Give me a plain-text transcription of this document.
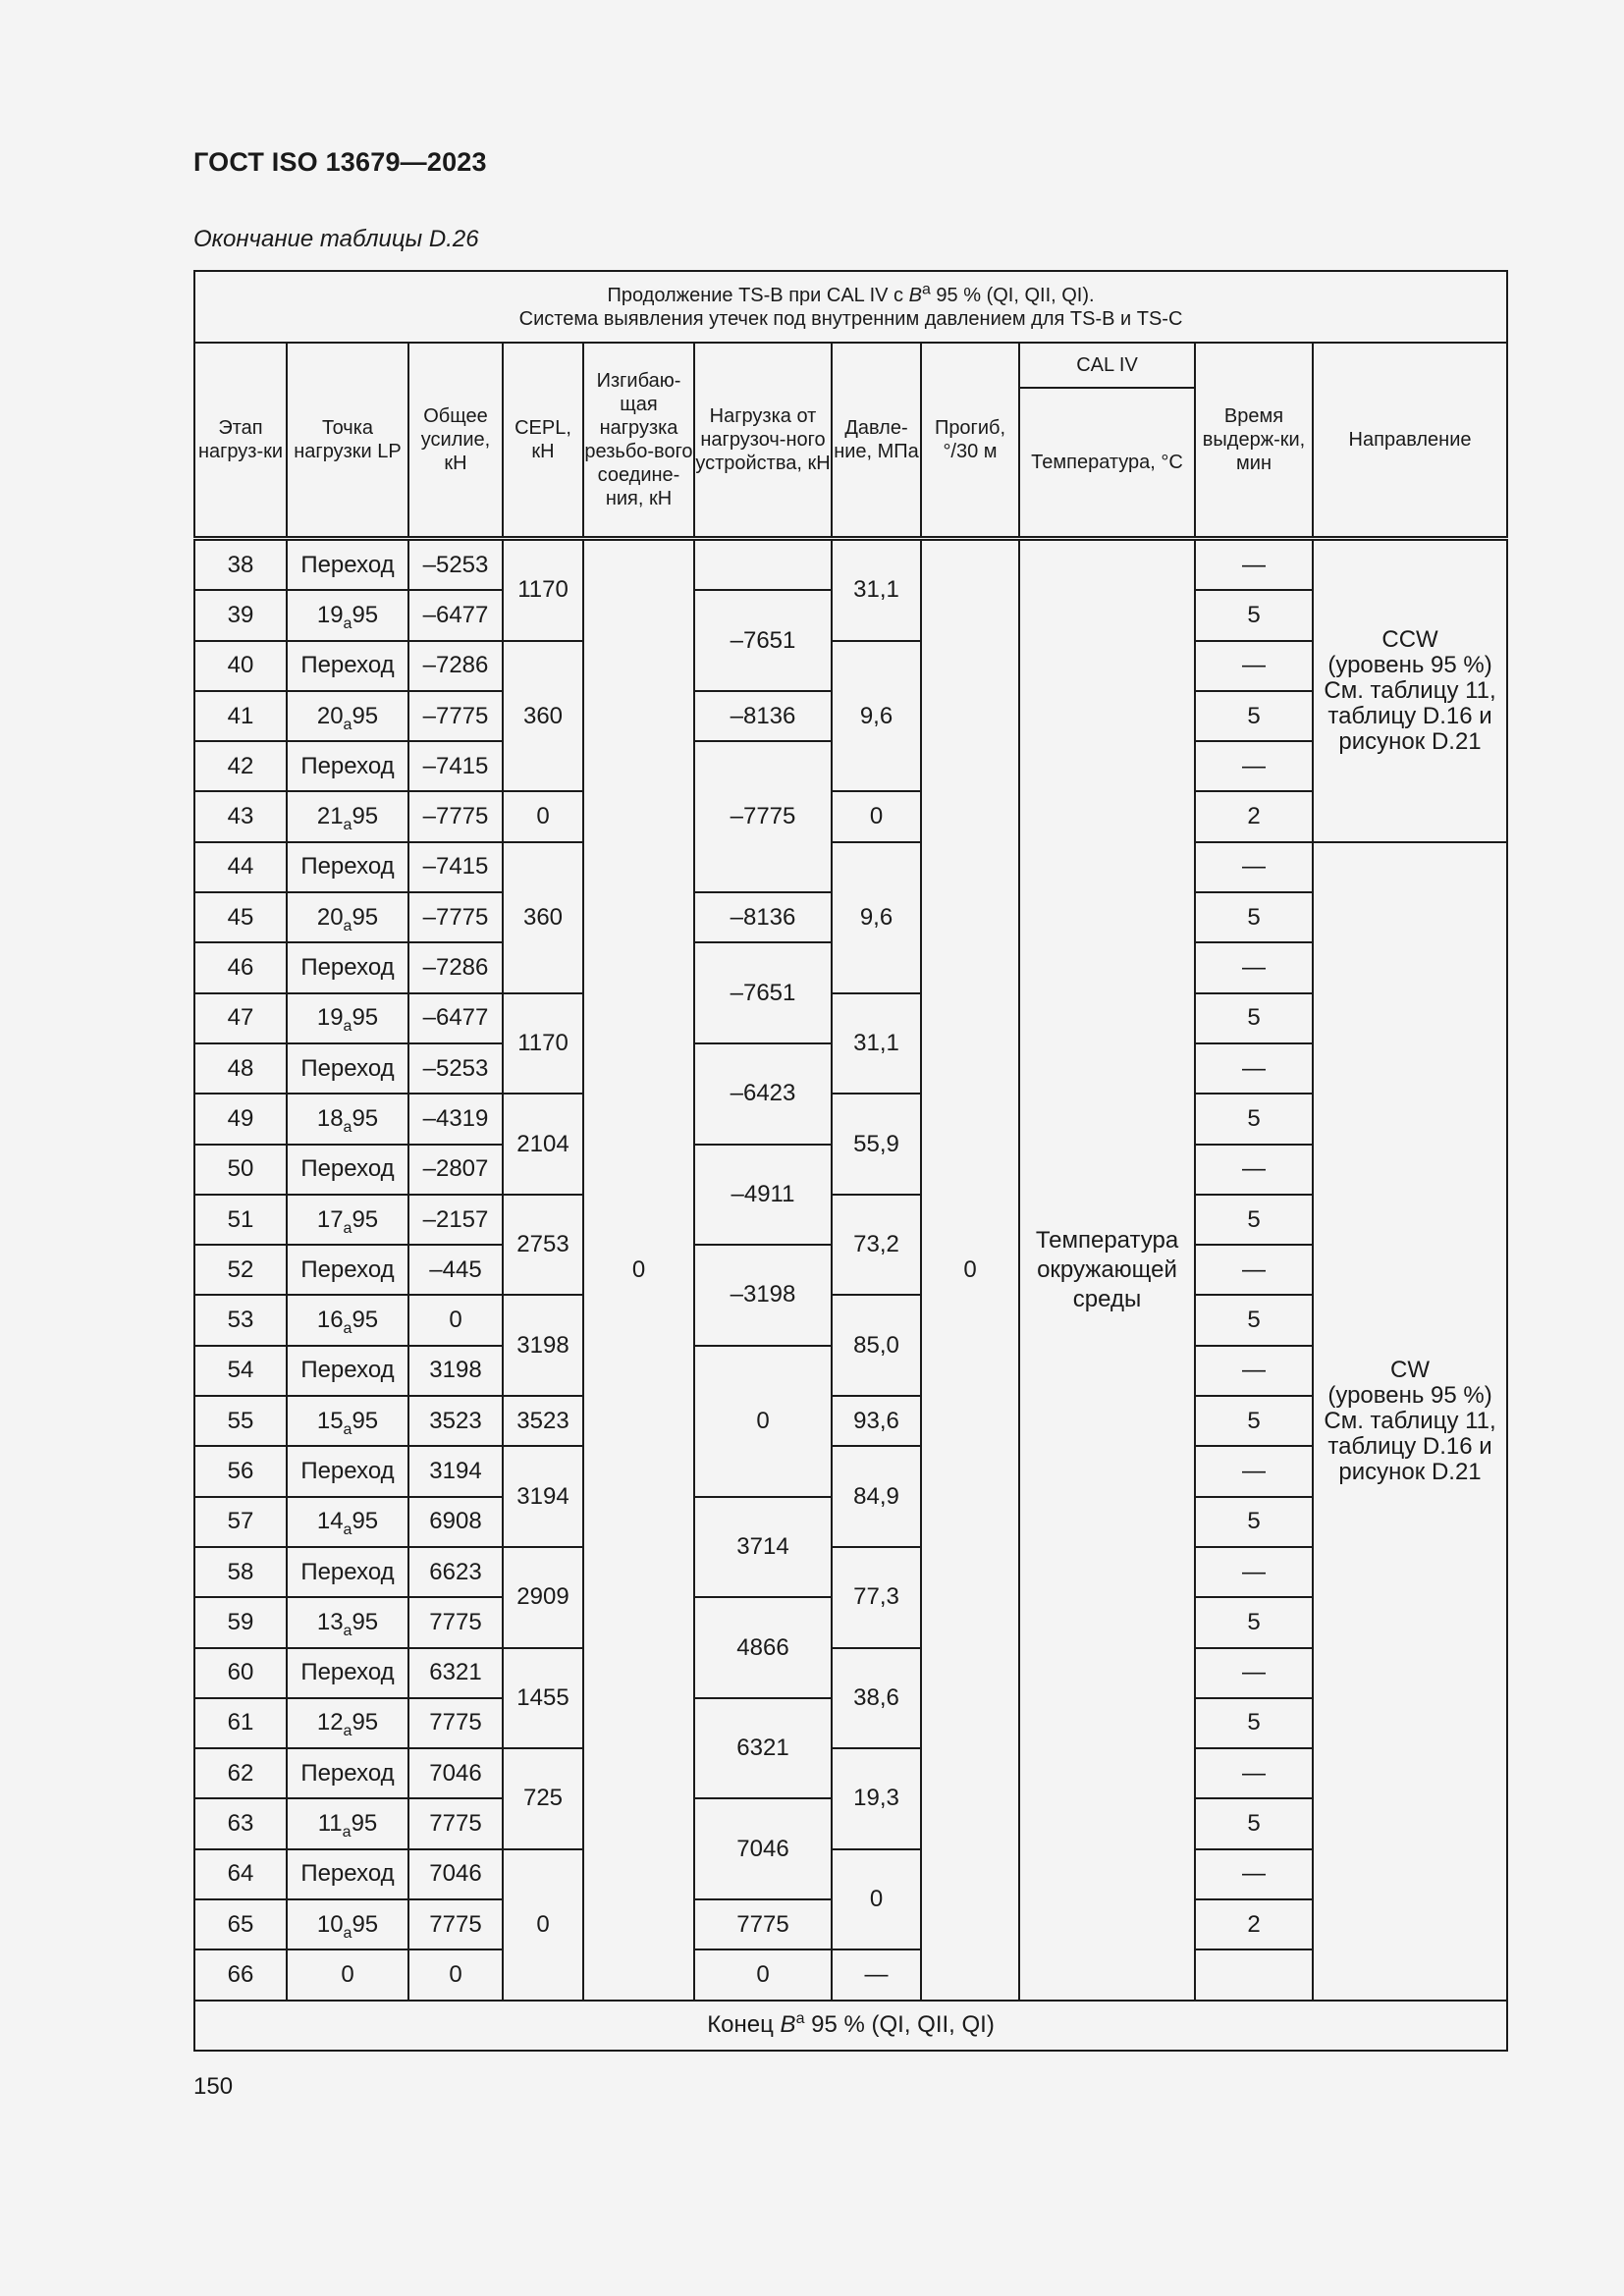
ГОСТ ISO 13679—2023
Окончание таблицы D.26
Продолжение TS-B при CAL IV с $B^a$ 95 % (QI, QII, QI).
Система выявления утечек под внутренним давлением для TS-B и TS-C										
Этап нагруз-ки	Точка нагрузки LP	Общее усилие, кН	CEPL, кН	Изгибаю-щая нагрузка резьбо-вого соедине-ния, кН	Нагрузка от нагрузоч-ного устройства, кН	Давле-ние, МПа	Прогиб, °/30 м	CAL IV	Время выдерж-ки, мин	Направление
								Температура, °С		
38	Переход	–5253	1170	0		31,1	0	Температура окружающей среды	—	CCW
(уровень 95 %)
См. таблицу 11,
таблицу D.16 и
рисунок D.21
39	$19_a95$	–6477			–7651				5	
40	Переход	–7286	360			9,6			—	
41	$20_a95$	–7775			–8136				5	
42	Переход	–7415			–7775				—	
43	$21_a95$	–7775	0			0			2	
44	Переход	–7415	360			9,6			—	CW
(уровень 95 %)
См. таблицу 11,
таблицу D.16 и
рисунок D.21
45	$20_a95$	–7775			–8136				5	
46	Переход	–7286			–7651				—	
47	$19_a95$	–6477	1170			31,1			5	
48	Переход	–5253			–6423				—	
49	$18_a95$	–4319	2104			55,9			5	
50	Переход	–2807			–4911				—	
51	$17_a95$	–2157	2753			73,2			5	
52	Переход	–445			–3198				—	
53	$16_a95$	0	3198			85,0			5	
54	Переход	3198			0				—	
55	$15_a95$	3523	3523			93,6			5	
56	Переход	3194	3194			84,9			—	
57	$14_a95$	6908			3714				5	
58	Переход	6623	2909			77,3			—	
59	$13_a95$	7775			4866				5	
60	Переход	6321	1455			38,6			—	
61	$12_a95$	7775			6321				5	
62	Переход	7046	725			19,3			—	
63	$11_a95$	7775			7046				5	
64	Переход	7046	0			0			—	
65	$10_a95$	7775			7775				2	
66	0	0			0	—				
Конец $B^a$ 95 % (QI, QII, QI)										
150
